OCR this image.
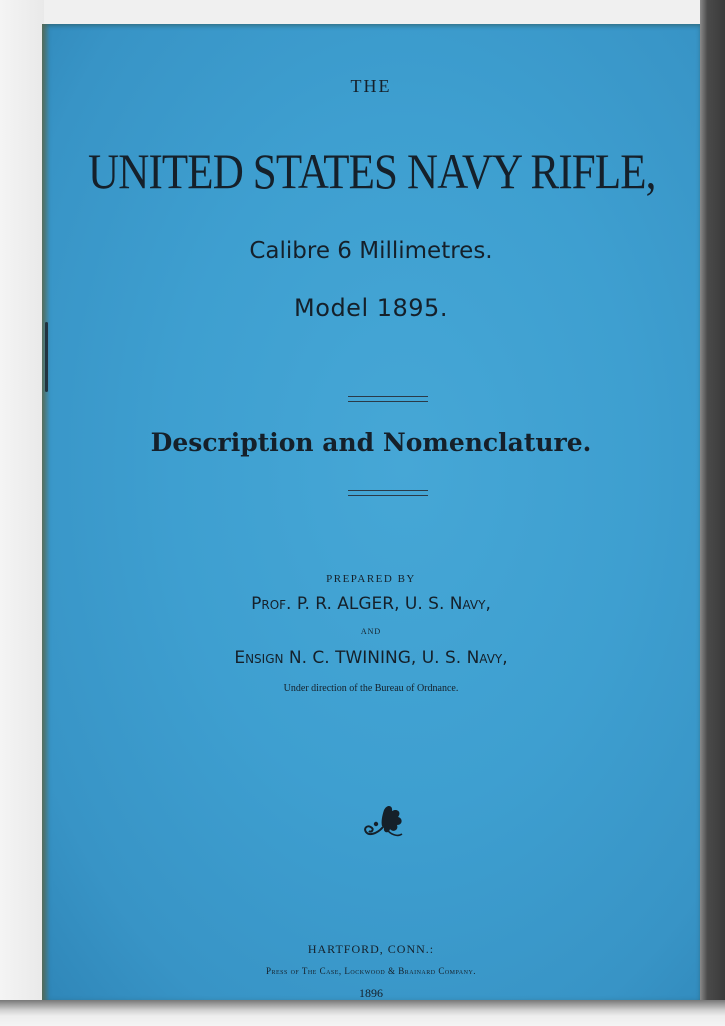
THE
UNITED STATES NAVY RIFLE,
Calibre 6 Millimetres.
Model 1895.
Description and Nomenclature.
PREPARED BY
Prof. P. R. ALGER, U. S. Navy,
AND
Ensign N. C. TWINING, U. S. Navy,
Under direction of the Bureau of Ordnance.
HARTFORD, CONN.:
Press of The Case, Lockwood & Brainard Company.
1896
